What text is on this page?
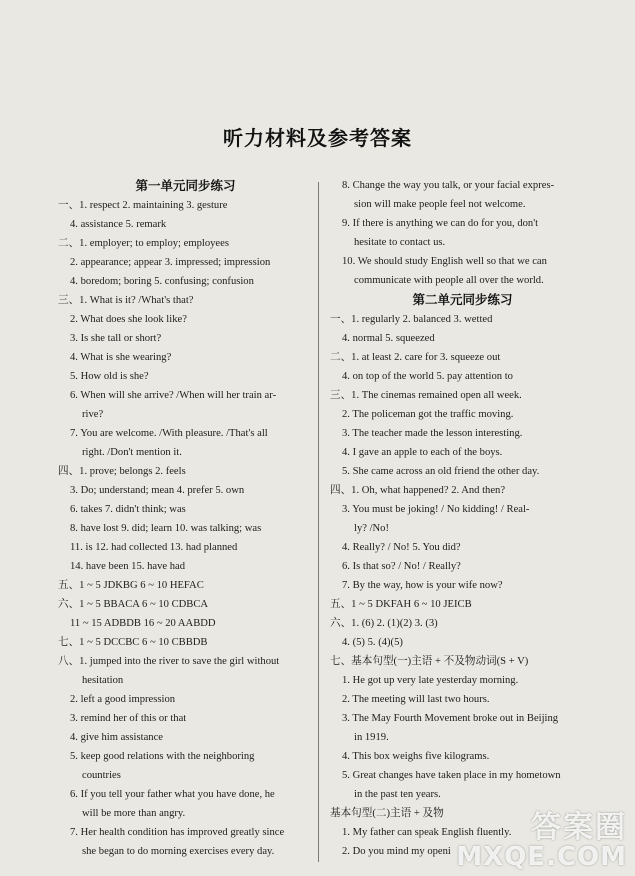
听力材料及参考答案
第一单元同步练习
一、1. respect 2. maintaining 3. gesture
4. assistance 5. remark
二、1. employer; to employ; employees
2. appearance; appear 3. impressed; impression
4. boredom; boring 5. confusing; confusion
三、1. What is it? /What's that?
2. What does she look like?
3. Is she tall or short?
4. What is she wearing?
5. How old is she?
6. When will she arrive? /When will her train ar-
rive?
7. You are welcome. /With pleasure. /That's all
right. /Don't mention it.
四、1. prove; belongs 2. feels
3. Do; understand; mean 4. prefer 5. own
6. takes 7. didn't think; was
8. have lost 9. did; learn 10. was talking; was
11. is 12. had collected 13. had planned
14. have been 15. have had
五、1 ~ 5 JDKBG 6 ~ 10 HEFAC
六、1 ~ 5 BBACA 6 ~ 10 CDBCA
11 ~ 15 ADBDB 16 ~ 20 AABDD
七、1 ~ 5 DCCBC 6 ~ 10 CBBDB
八、1. jumped into the river to save the girl without
hesitation
2. left a good impression
3. remind her of this or that
4. give him assistance
5. keep good relations with the neighboring
countries
6. If you tell your father what you have done, he
will be more than angry.
7. Her health condition has improved greatly since
she began to do morning exercises every day.
8. Change the way you talk, or your facial expres-
sion will make people feel not welcome.
9. If there is anything we can do for you, don't
hesitate to contact us.
10. We should study English well so that we can
communicate with people all over the world.
第二单元同步练习
一、1. regularly 2. balanced 3. wetted
4. normal 5. squeezed
二、1. at least 2. care for 3. squeeze out
4. on top of the world 5. pay attention to
三、1. The cinemas remained open all week.
2. The policeman got the traffic moving.
3. The teacher made the lesson interesting.
4. I gave an apple to each of the boys.
5. She came across an old friend the other day.
四、1. Oh, what happened? 2. And then?
3. You must be joking! / No kidding! / Real-
ly? /No!
4. Really? / No! 5. You did?
6. Is that so? / No! / Really?
7. By the way, how is your wife now?
五、1 ~ 5 DKFAH 6 ~ 10 JEICB
六、1. (6) 2. (1)(2) 3. (3)
4. (5) 5. (4)(5)
七、基本句型(一)主语 + 不及物动词(S + V)
1. He got up very late yesterday morning.
2. The meeting will last two hours.
3. The May Fourth Movement broke out in Beijing
in 1919.
4. This box weighs five kilograms.
5. Great changes have taken place in my hometown
in the past ten years.
基本句型(二)主语 + 及物
1. My father can speak English fluently.
2. Do you mind my openi
答案圈
MXQE.COM
